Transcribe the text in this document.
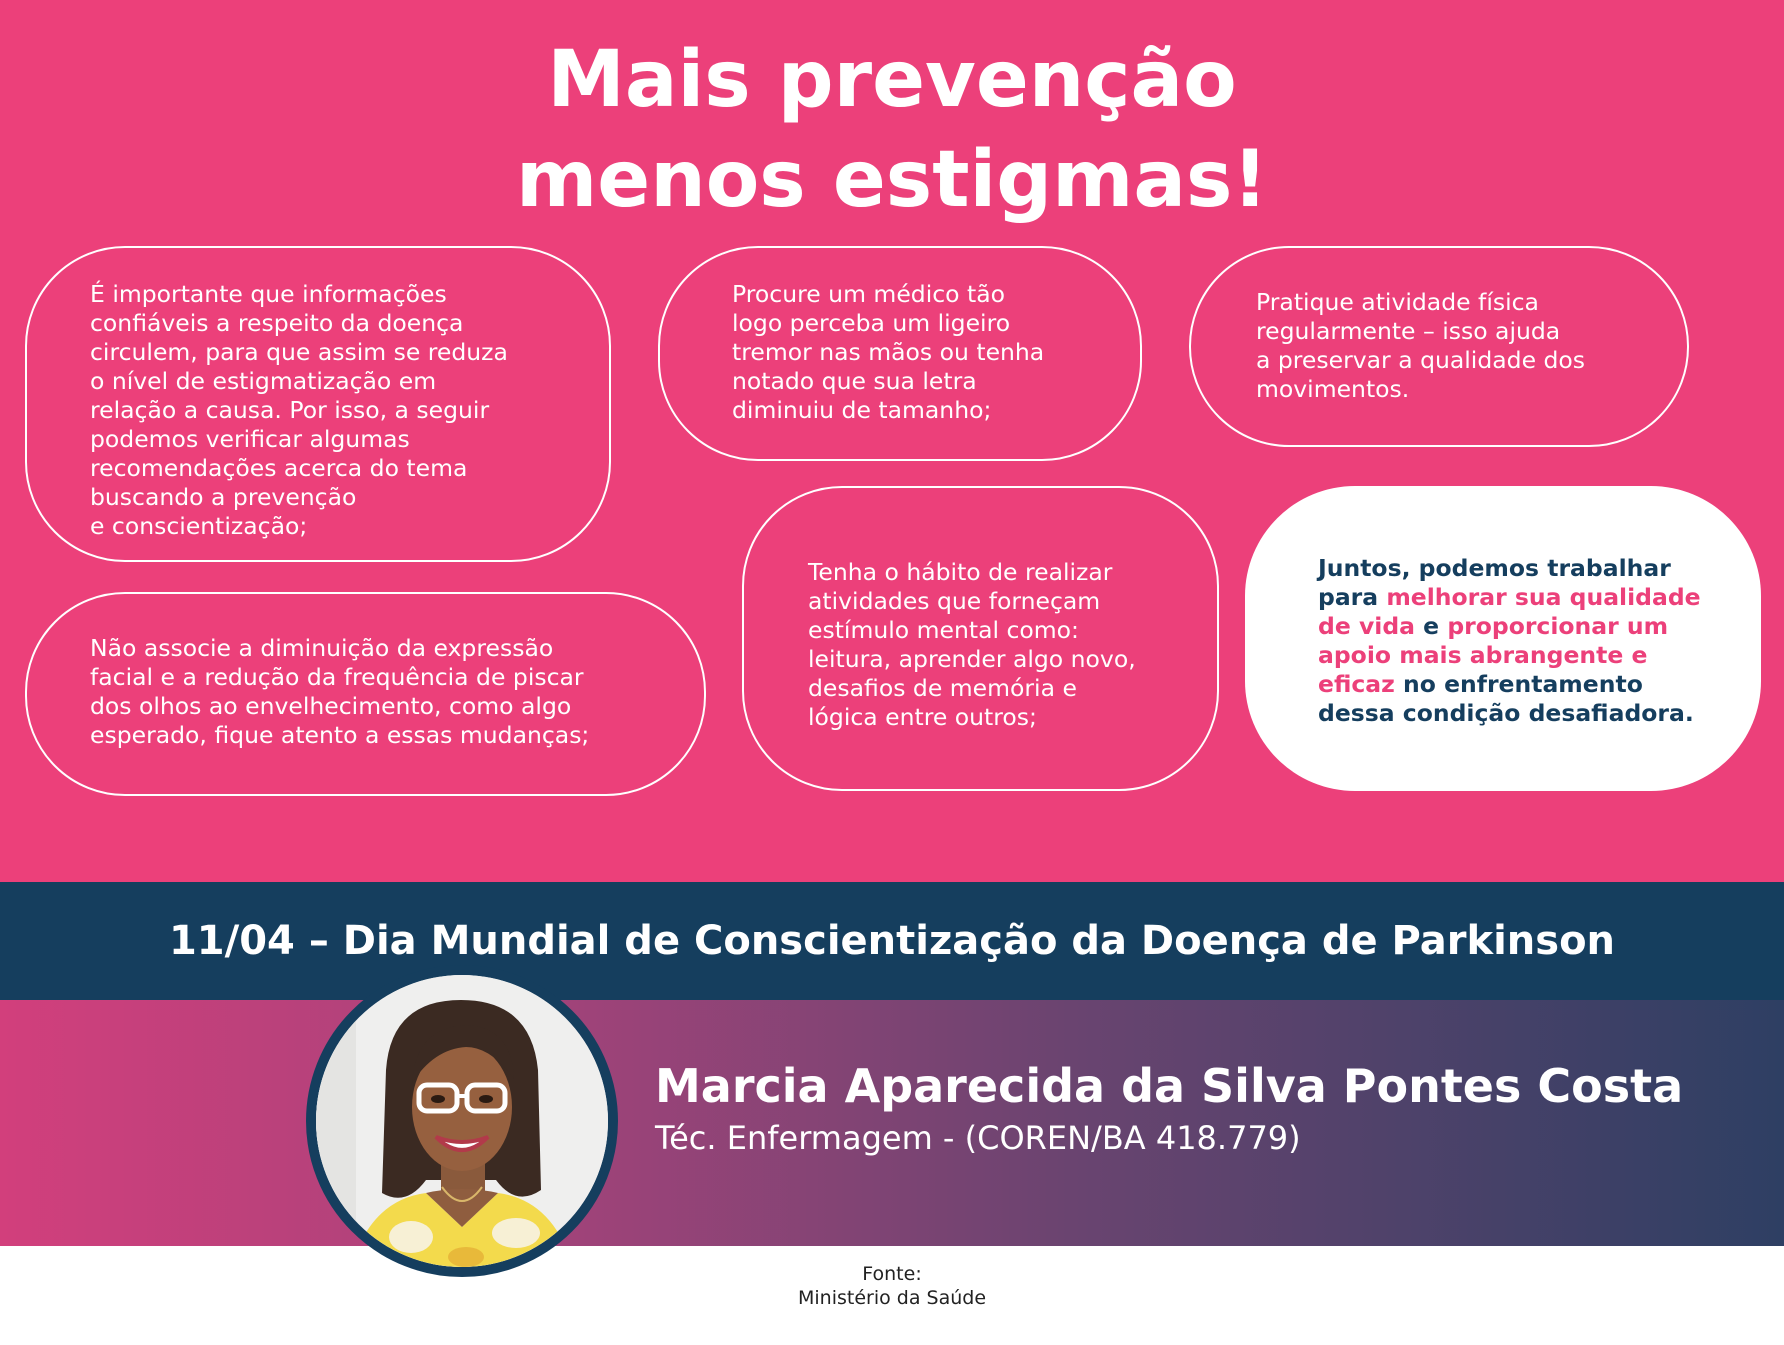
Mais prevenção
menos estigmas!
É importante que informações
confiáveis a respeito da doença
circulem, para que assim se reduza
o nível de estigmatização em
relação a causa. Por isso, a seguir
podemos verificar algumas
recomendações acerca do tema
buscando a prevenção
e conscientização;
Procure um médico tão
logo perceba um ligeiro
tremor nas mãos ou tenha
notado que sua letra
diminuiu de tamanho;
Pratique atividade física
regularmente – isso ajuda
a preservar a qualidade dos
movimentos.
Não associe a diminuição da expressão
facial e a redução da frequência de piscar
dos olhos ao envelhecimento, como algo
esperado, fique atento a essas mudanças;
Tenha o hábito de realizar
atividades que forneçam
estímulo mental como:
leitura, aprender algo novo,
desafios de memória e
lógica entre outros;
Juntos, podemos trabalhar
para melhorar sua qualidade
de vida e proporcionar um
apoio mais abrangente e
eficaz no enfrentamento
dessa condição desafiadora.
11/04 – Dia Mundial de Conscientização da Doença de Parkinson
Marcia Aparecida da Silva Pontes Costa
Téc. Enfermagem - (COREN/BA 418.779)
Fonte:
Ministério da Saúde
